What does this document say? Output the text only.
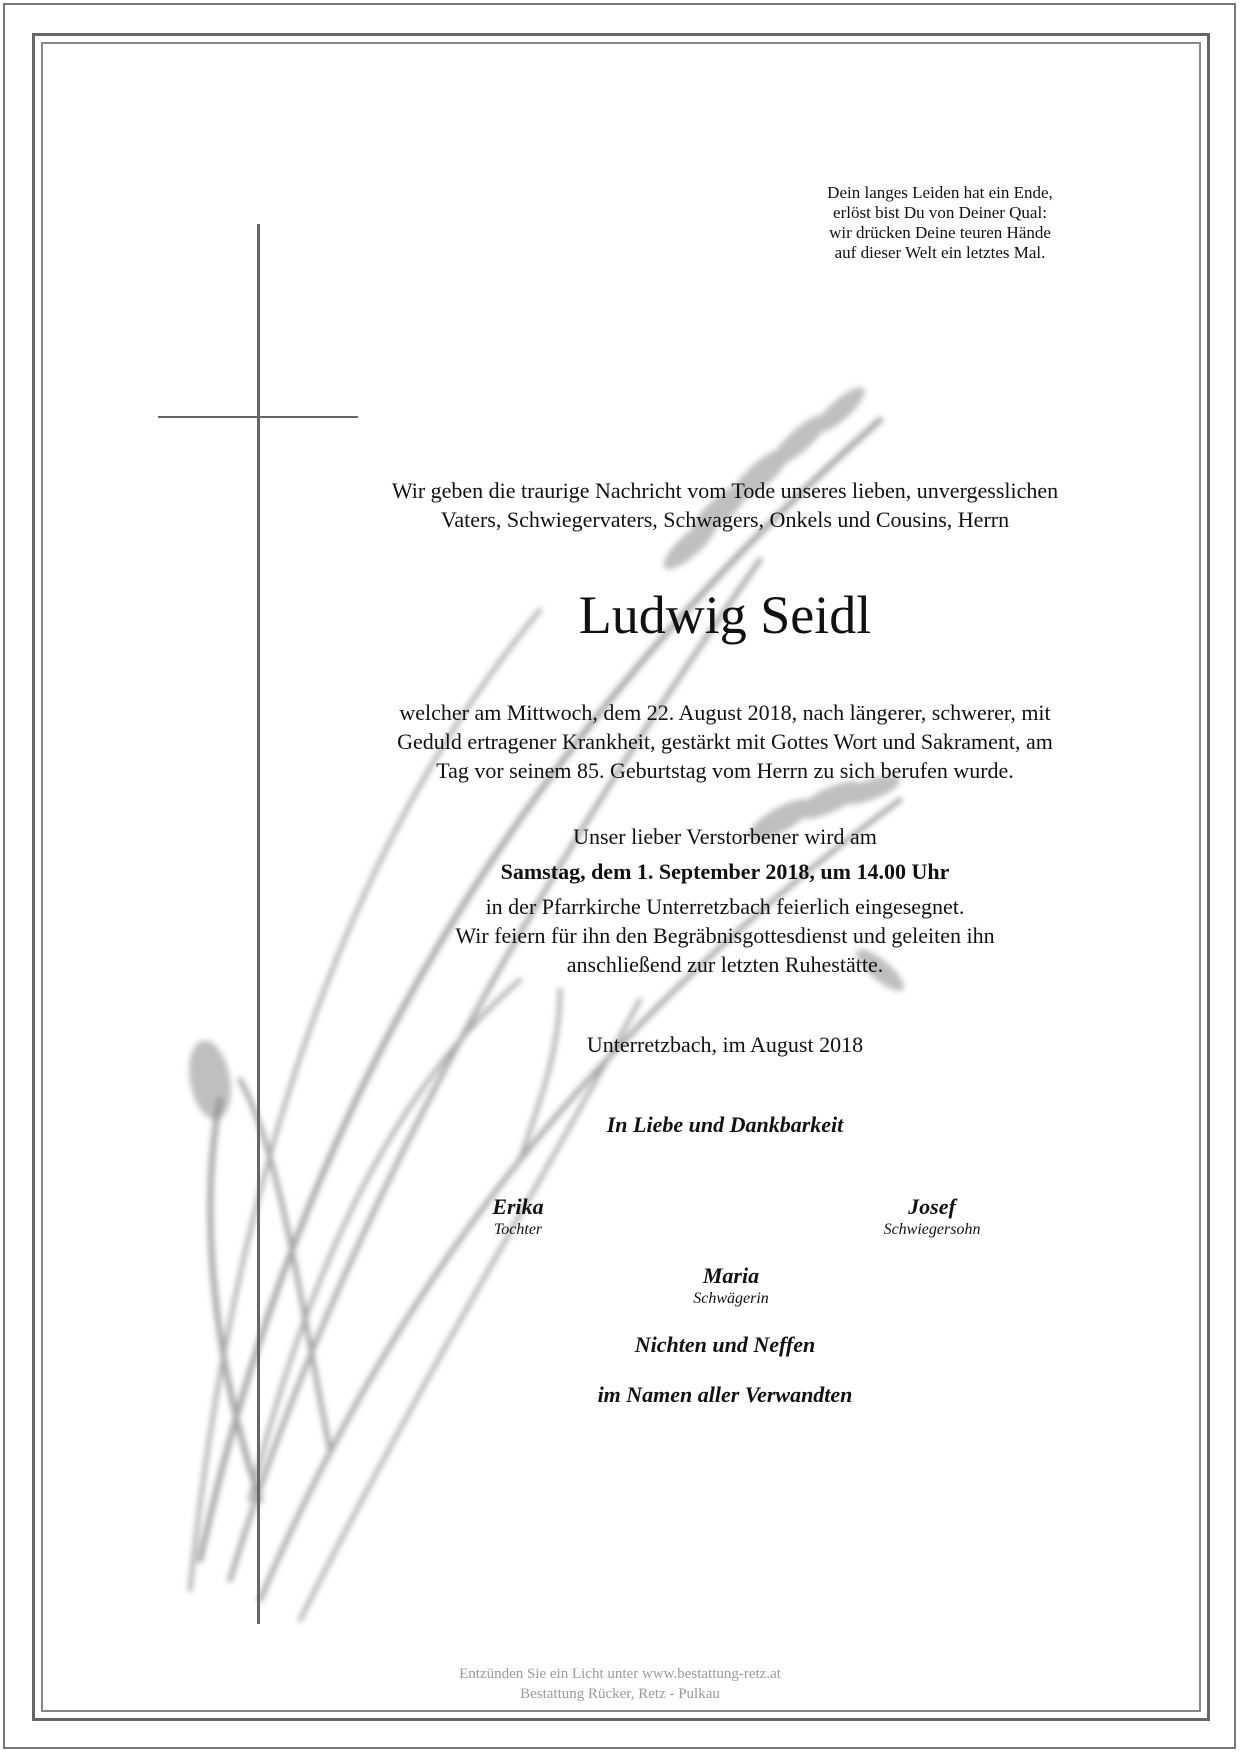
Dein langes Leiden hat ein Ende,
erlöst bist Du von Deiner Qual:
wir drücken Deine teuren Hände
auf dieser Welt ein letztes Mal.
Wir geben die traurige Nachricht vom Tode unseres lieben, unvergesslichen
Vaters, Schwiegervaters, Schwagers, Onkels und Cousins, Herrn
Ludwig Seidl
welcher am Mittwoch, dem 22. August 2018, nach längerer, schwerer, mit
Geduld ertragener Krankheit, gestärkt mit Gottes Wort und Sakrament, am
Tag vor seinem 85. Geburtstag vom Herrn zu sich berufen wurde.
Unser lieber Verstorbener wird am
Samstag, dem 1. September 2018, um 14.00 Uhr
in der Pfarrkirche Unterretzbach feierlich eingesegnet.
Wir feiern für ihn den Begräbnisgottesdienst und geleiten ihn
anschließend zur letzten Ruhestätte.
Unterretzbach, im August 2018
In Liebe und Dankbarkeit
Erika
Tochter
Josef
Schwiegersohn
Maria
Schwägerin
Nichten und Neffen
im Namen aller Verwandten
Entzünden Sie ein Licht unter www.bestattung-retz.at
Bestattung Rücker, Retz - Pulkau
